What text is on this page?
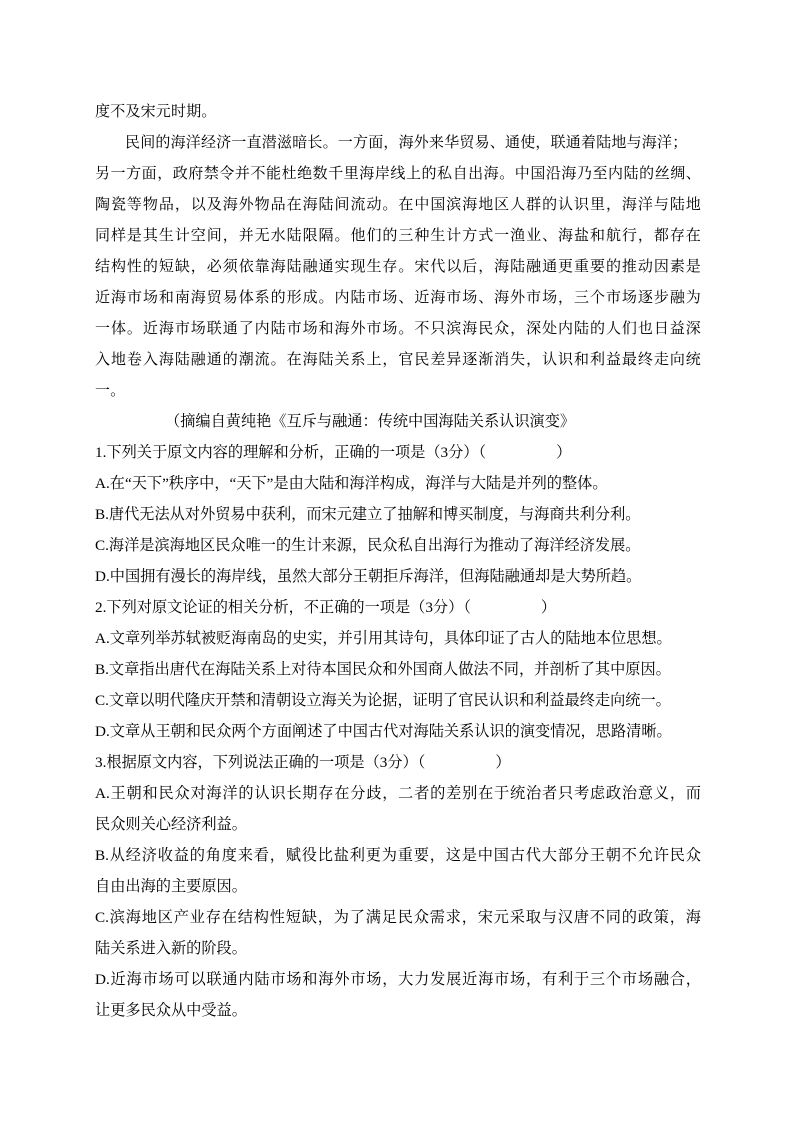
度不及宋元时期。
民间的海洋经济一直潜滋暗长。一方面，海外来华贸易、通使，联通着陆地与海洋；
另一方面，政府禁令并不能杜绝数千里海岸线上的私自出海。中国沿海乃至内陆的丝绸、
陶瓷等物品，以及海外物品在海陆间流动。在中国滨海地区人群的认识里，海洋与陆地
同样是其生计空间，并无水陆限隔。他们的三种生计方式一渔业、海盐和航行，都存在
结构性的短缺，必须依靠海陆融通实现生存。宋代以后，海陆融通更重要的推动因素是
近海市场和南海贸易体系的形成。内陆市场、近海市场、海外市场，三个市场逐步融为
一体。近海市场联通了内陆市场和海外市场。不只滨海民众，深处内陆的人们也日益深
入地卷入海陆融通的潮流。在海陆关系上，官民差异逐渐消失，认识和利益最终走向统
一。
（摘编自黄纯艳《互斥与融通：传统中国海陆关系认识演变》
1.下列关于原文内容的理解和分析，正确的一项是（3分）（	）
A.在“天下”秩序中，“天下”是由大陆和海洋构成，海洋与大陆是并列的整体。
B.唐代无法从对外贸易中获利，而宋元建立了抽解和博买制度，与海商共利分利。
C.海洋是滨海地区民众唯一的生计来源，民众私自出海行为推动了海洋经济发展。
D.中国拥有漫长的海岸线，虽然大部分王朝拒斥海洋，但海陆融通却是大势所趋。
2.下列对原文论证的相关分析，不正确的一项是（3分）（	）
A.文章列举苏轼被贬海南岛的史实，并引用其诗句，具体印证了古人的陆地本位思想。
B.文章指出唐代在海陆关系上对待本国民众和外国商人做法不同，并剖析了其中原因。
C.文章以明代隆庆开禁和清朝设立海关为论据，证明了官民认识和利益最终走向统一。
D.文章从王朝和民众两个方面阐述了中国古代对海陆关系认识的演变情况，思路清晰。
3.根据原文内容，下列说法正确的一项是（3分）（	）
A.王朝和民众对海洋的认识长期存在分歧，二者的差别在于统治者只考虑政治意义，而
民众则关心经济利益。
B.从经济收益的角度来看，赋役比盐利更为重要，这是中国古代大部分王朝不允许民众
自由出海的主要原因。
C.滨海地区产业存在结构性短缺，为了满足民众需求，宋元采取与汉唐不同的政策，海
陆关系进入新的阶段。
D.近海市场可以联通内陆市场和海外市场，大力发展近海市场，有利于三个市场融合，
让更多民众从中受益。
